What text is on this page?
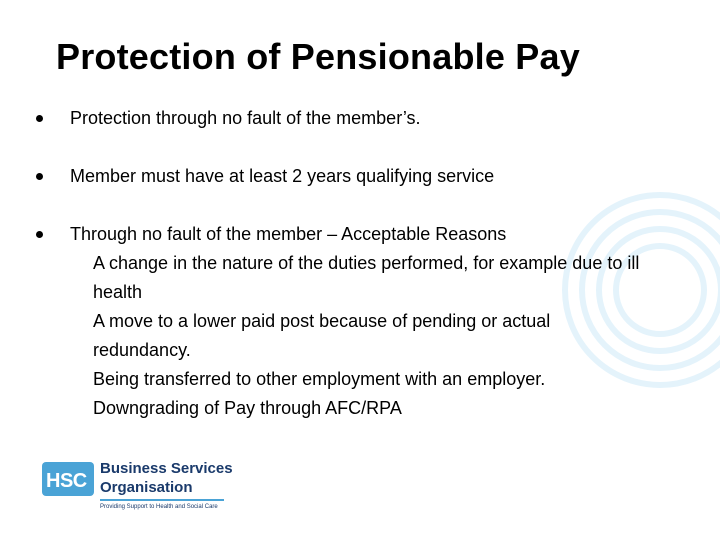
Protection of Pensionable Pay
Protection through no fault of the member’s.
Member must have at least 2 years qualifying service
Through no fault of the member – Acceptable Reasons
A change in the nature of the duties performed, for example due to ill
health
A move to a lower paid post because of pending or actual
redundancy.
Being transferred to other employment with an employer.
Downgrading of Pay through AFC/RPA
HSC
Business Services
Organisation
Providing Support to Health and Social Care
